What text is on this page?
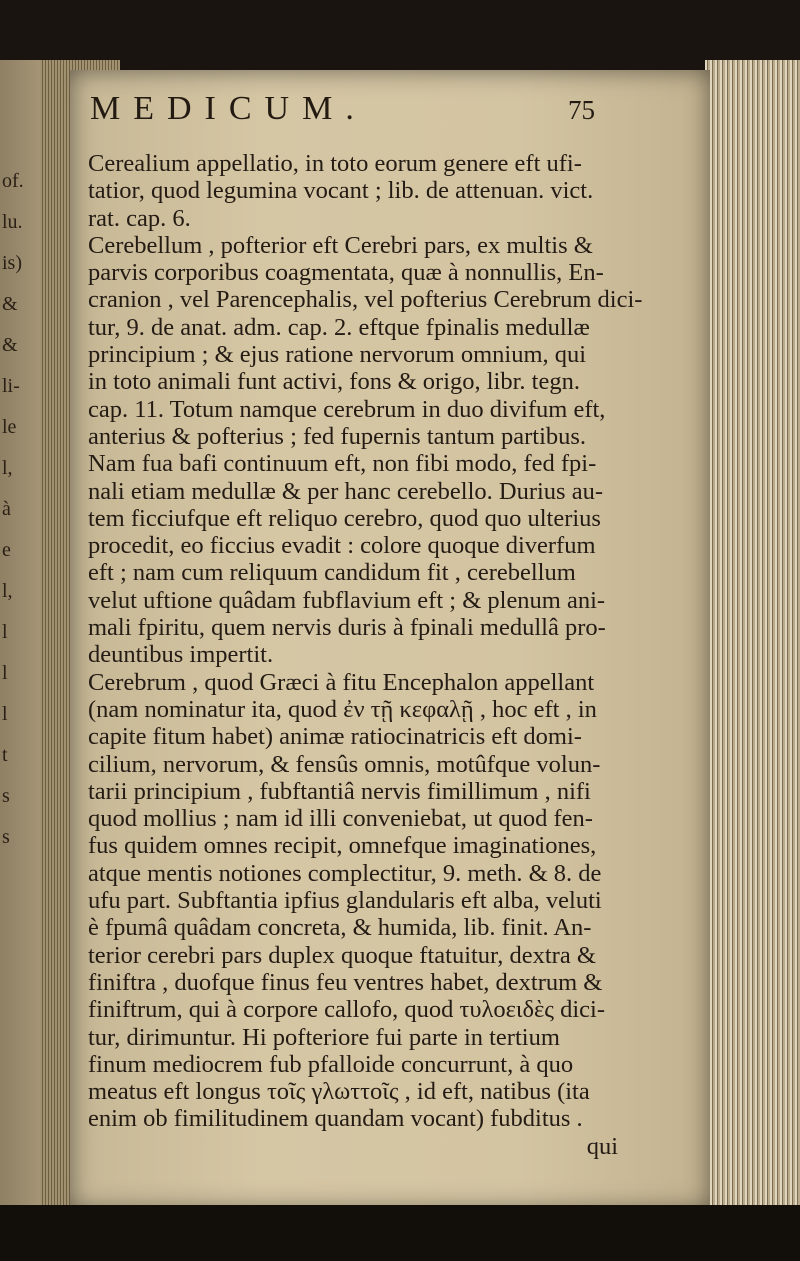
of.
lu.
is)
&
&
li-
le
l,
à
e
l,
l
l
l
t
s
s
MEDICUM.	75
Cerealium appellatio, in toto eorum genere eft ufi-
tatior, quod legumina vocant ; lib. de attenuan. vict.
rat. cap. 6.
Cerebellum , pofterior eft Cerebri pars, ex multis &
parvis corporibus coagmentata, quæ à nonnullis, En-
cranion , vel Parencephalis, vel pofterius Cerebrum dici-
tur, 9. de anat. adm. cap. 2. eftque fpinalis medullæ
principium ; & ejus ratione nervorum omnium, qui
in toto animali funt activi, fons & origo, libr. tegn.
cap. 11. Totum namque cerebrum in duo divifum eft,
anterius & pofterius ; fed fupernis tantum partibus.
Nam fua bafi continuum eft, non fibi modo, fed fpi-
nali etiam medullæ & per hanc cerebello. Durius au-
tem ficciufque eft reliquo cerebro, quod quo ulterius
procedit, eo ficcius evadit : colore quoque diverfum
eft ; nam cum reliquum candidum fit , cerebellum
velut uftione quâdam fubflavium eft ; & plenum ani-
mali fpiritu, quem nervis duris à fpinali medullâ pro-
deuntibus impertit.
Cerebrum , quod Græci à fitu Encephalon appellant
(nam nominatur ita, quod ἐν τῇ κεφαλῇ , hoc eft , in
capite fitum habet) animæ ratiocinatricis eft domi-
cilium, nervorum, & fensûs omnis, motûfque volun-
tarii principium , fubftantiâ nervis fimillimum , nifi
quod mollius ; nam id illi conveniebat, ut quod fen-
fus quidem omnes recipit, omnefque imaginationes,
atque mentis notiones complectitur, 9. meth. & 8. de
ufu part. Subftantia ipfius glandularis eft alba, veluti
è fpumâ quâdam concreta, & humida, lib. finit. An-
terior cerebri pars duplex quoque ftatuitur, dextra &
finiftra , duofque finus feu ventres habet, dextrum &
finiftrum, qui à corpore callofo, quod τυλοειδὲς dici-
tur, dirimuntur. Hi pofteriore fui parte in tertium
finum mediocrem fub pfalloide concurrunt, à quo
meatus eft longus τοῖς γλωττοῖς , id eft, natibus (ita
enim ob fimilitudinem quandam vocant) fubditus .
qui
